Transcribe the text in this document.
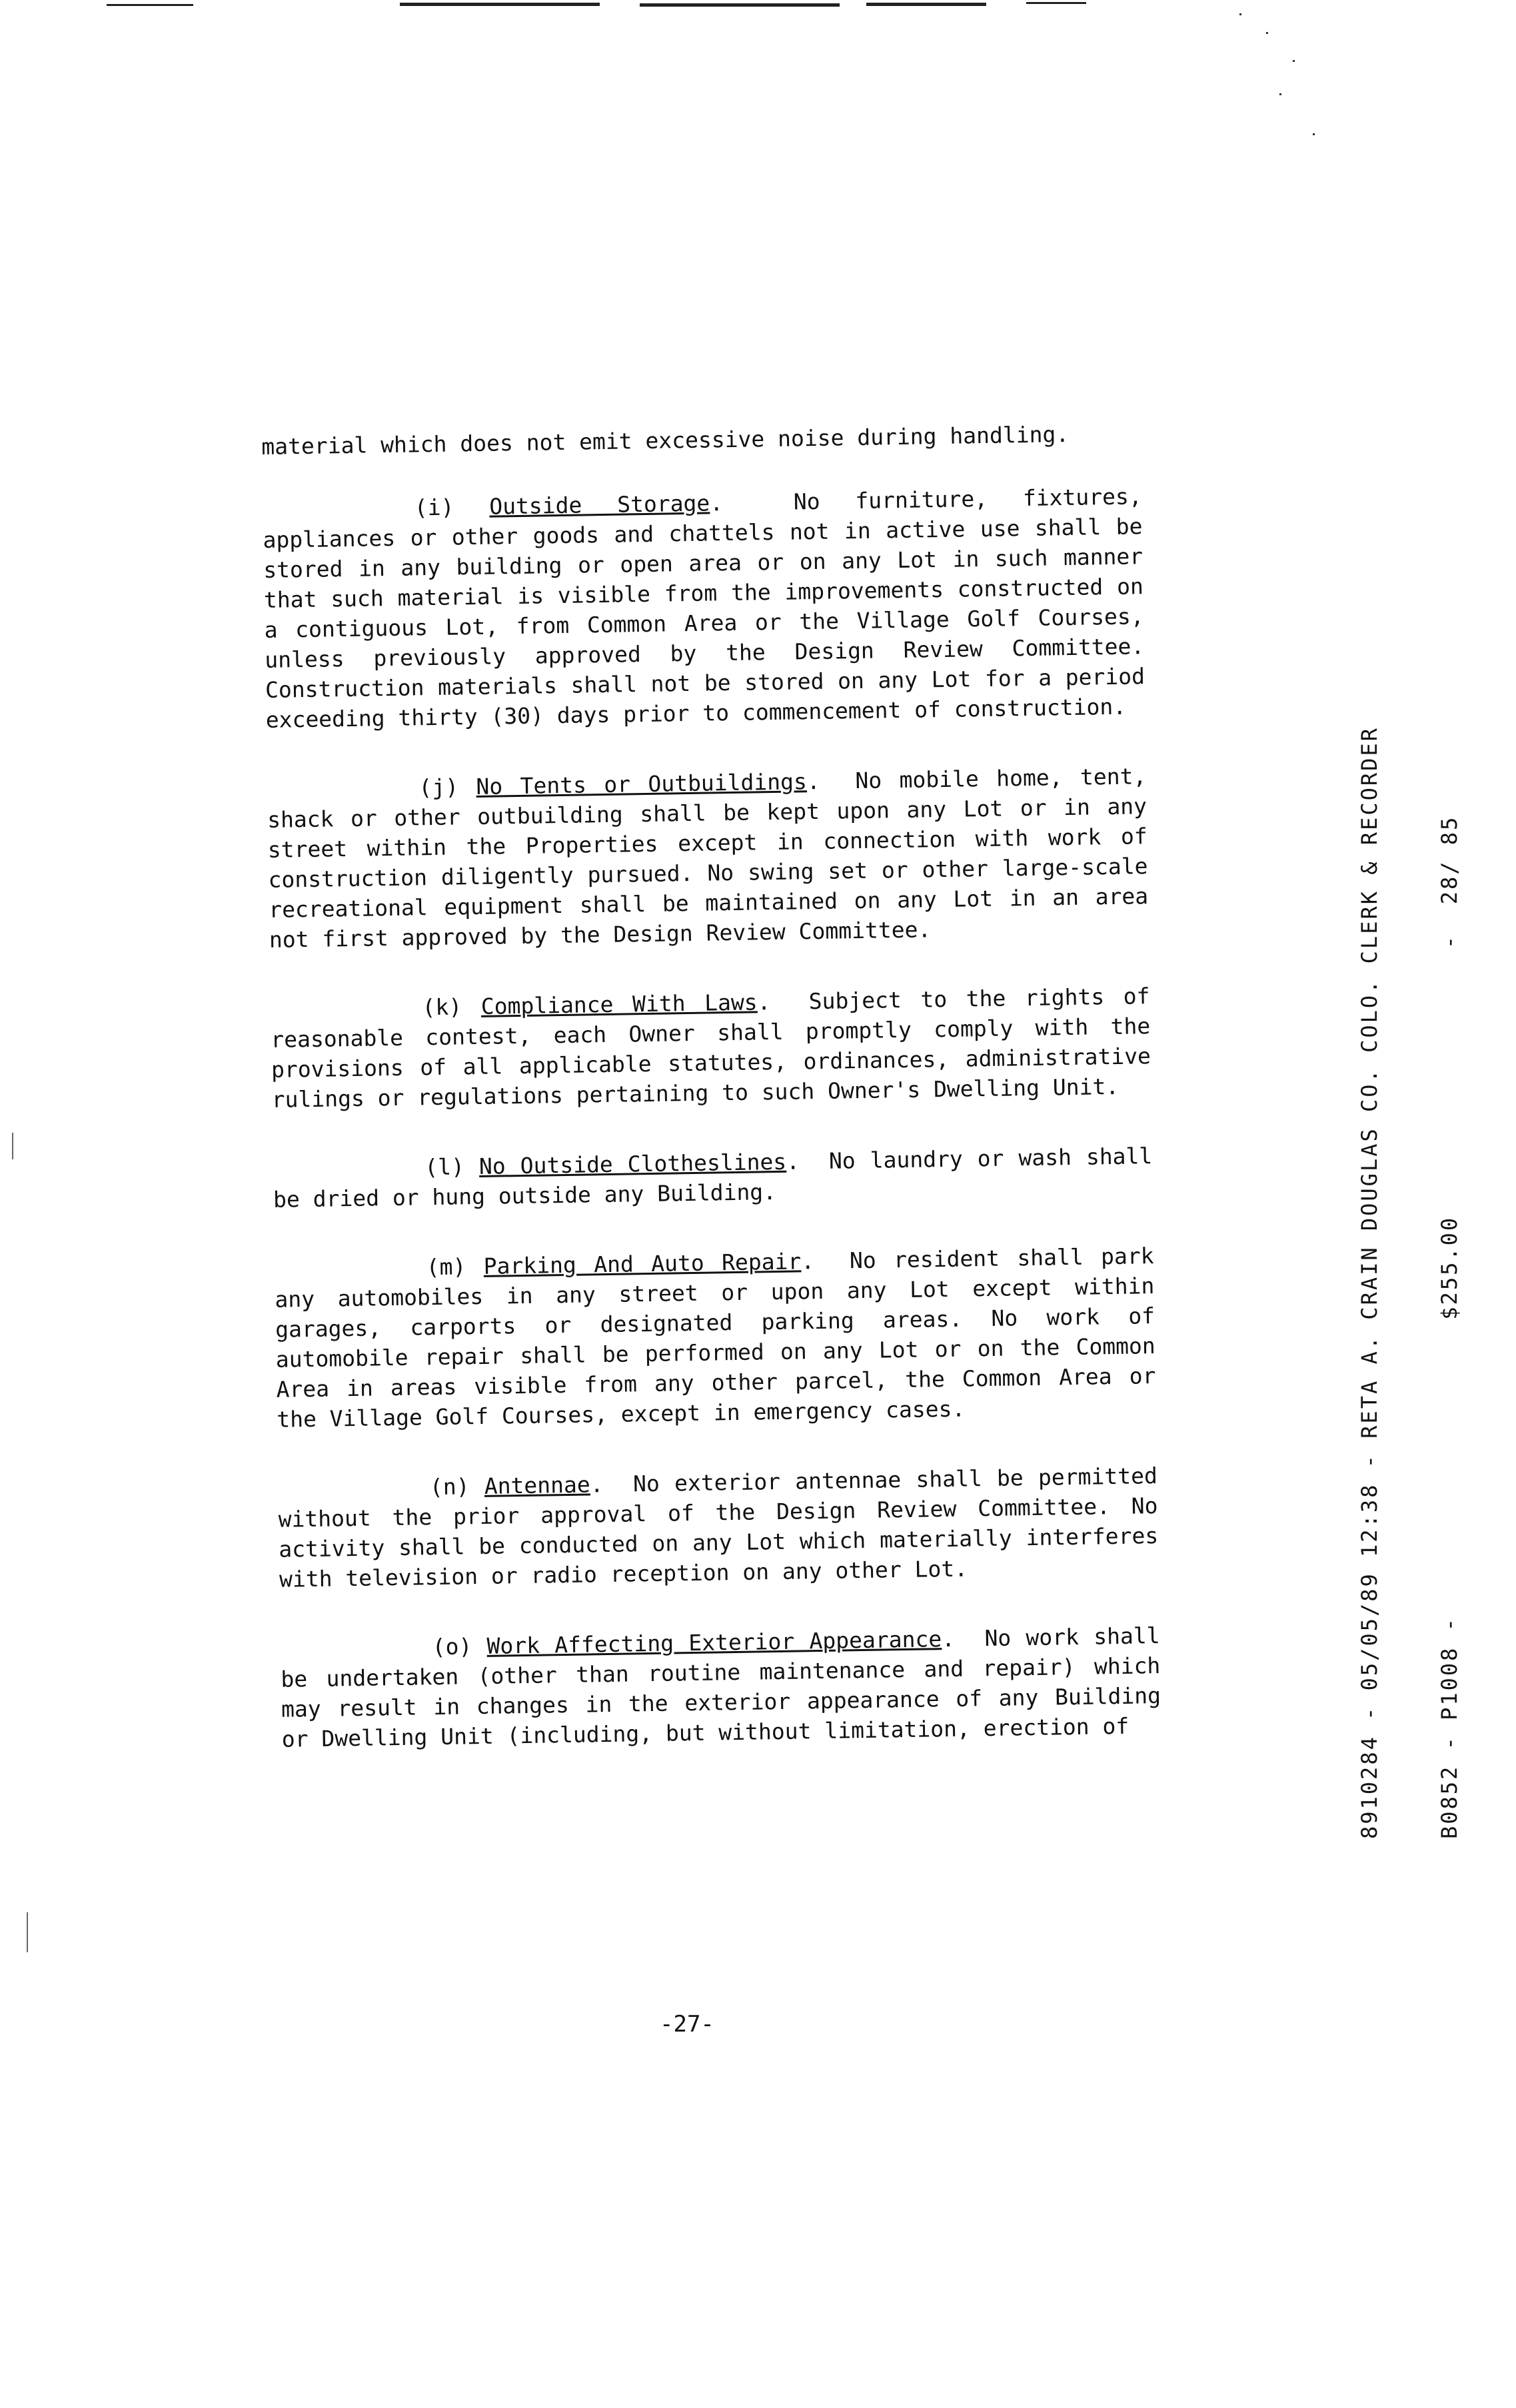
material which does not emit excessive noise during handling.

(i) Outside Storage.  No furniture, fixtures, appliances or other goods and chattels not in active use shall be stored in any building or open area or on any Lot in such manner that such material is visible from the improvements constructed on a contiguous Lot, from Common Area or the Village Golf Courses, unless previously approved by the Design Review Committee. Construction materials shall not be stored on any Lot for a period exceeding thirty (30) days prior to commencement of construction.

(j) No Tents or Outbuildings.  No mobile home, tent, shack or other outbuilding shall be kept upon any Lot or in any street within the Properties except in connection with work of construction diligently pursued. No swing set or other large-scale recreational equipment shall be maintained on any Lot in an area not first approved by the Design Review Committee.

(k) Compliance With Laws.  Subject to the rights of reasonable contest, each Owner shall promptly comply with the provisions of all applicable statutes, ordinances, administrative rulings or regulations pertaining to such Owner's Dwelling Unit.

(l) No Outside Clotheslines.  No laundry or wash shall be dried or hung outside any Building.

(m) Parking And Auto Repair.  No resident shall park any automobiles in any street or upon any Lot except within garages, carports or designated parking areas. No work of automobile repair shall be performed on any Lot or on the Common Area in areas visible from any other parcel, the Common Area or the Village Golf Courses, except in emergency cases.

(n) Antennae.  No exterior antennae shall be permitted without the prior approval of the Design Review Committee. No activity shall be conducted on any Lot which materially interferes with television or radio reception on any other Lot.

(o) Work Affecting Exterior Appearance.  No work shall be undertaken (other than routine maintenance and repair) which may result in changes in the exterior appearance of any Building or Dwelling Unit (including, but without limitation, erection of

-27-

8910284 - 05/05/89 12:38 - RETA A. CRAIN DOUGLAS CO. COLO. CLERK & RECORDER

	B0852 - P1008 -                    $255.00                  -  28/ 85
